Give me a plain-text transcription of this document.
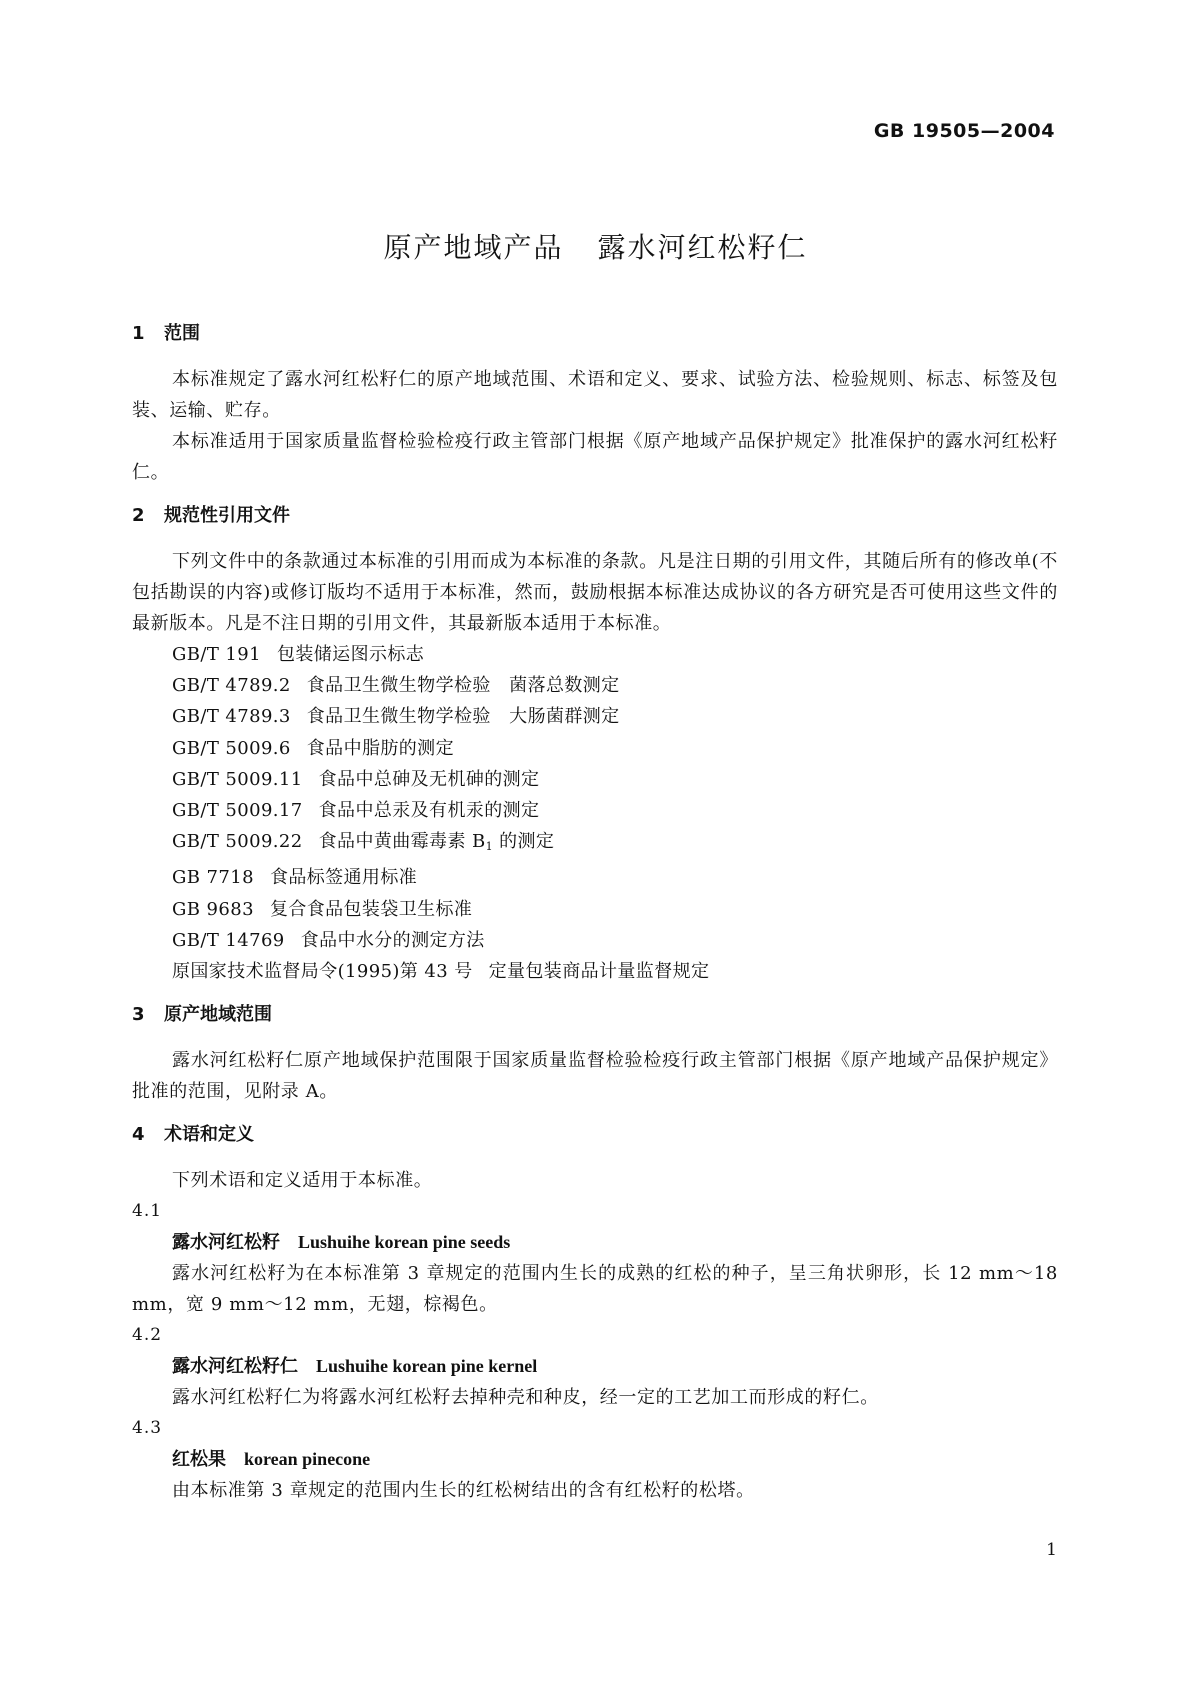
GB 19505—2004
原产地域产品 露水河红松籽仁
1 范围

本标准规定了露水河红松籽仁的原产地域范围、术语和定义、要求、试验方法、检验规则、标志、标签及包装、运输、贮存。

本标准适用于国家质量监督检验检疫行政主管部门根据《原产地域产品保护规定》批准保护的露水河红松籽仁。

2 规范性引用文件

下列文件中的条款通过本标准的引用而成为本标准的条款。凡是注日期的引用文件，其随后所有的修改单(不包括勘误的内容)或修订版均不适用于本标准，然而，鼓励根据本标准达成协议的各方研究是否可使用这些文件的最新版本。凡是不注日期的引用文件，其最新版本适用于本标准。

GB/T 191 包装储运图示标志
GB/T 4789.2 食品卫生微生物学检验　菌落总数测定
GB/T 4789.3 食品卫生微生物学检验　大肠菌群测定
GB/T 5009.6 食品中脂肪的测定
GB/T 5009.11 食品中总砷及无机砷的测定
GB/T 5009.17 食品中总汞及有机汞的测定
GB/T 5009.22 食品中黄曲霉毒素 $B_1$ 的测定
GB 7718 食品标签通用标准
GB 9683 复合食品包装袋卫生标准
GB/T 14769 食品中水分的测定方法
原国家技术监督局令(1995)第 43 号 定量包装商品计量监督规定
3 原产地域范围

露水河红松籽仁原产地域保护范围限于国家质量监督检验检疫行政主管部门根据《原产地域产品保护规定》批准的范围，见附录 A。

4 术语和定义

下列术语和定义适用于本标准。

4.1
露水河红松籽 Lushuihe korean pine seeds

露水河红松籽为在本标准第 3 章规定的范围内生长的成熟的红松的种子，呈三角状卵形，长 12 mm～18 mm，宽 9 mm～12 mm，无翅，棕褐色。

4.2
露水河红松籽仁 Lushuihe korean pine kernel

露水河红松籽仁为将露水河红松籽去掉种壳和种皮，经一定的工艺加工而形成的籽仁。

4.3
红松果 korean pinecone

由本标准第 3 章规定的范围内生长的红松树结出的含有红松籽的松塔。

1
